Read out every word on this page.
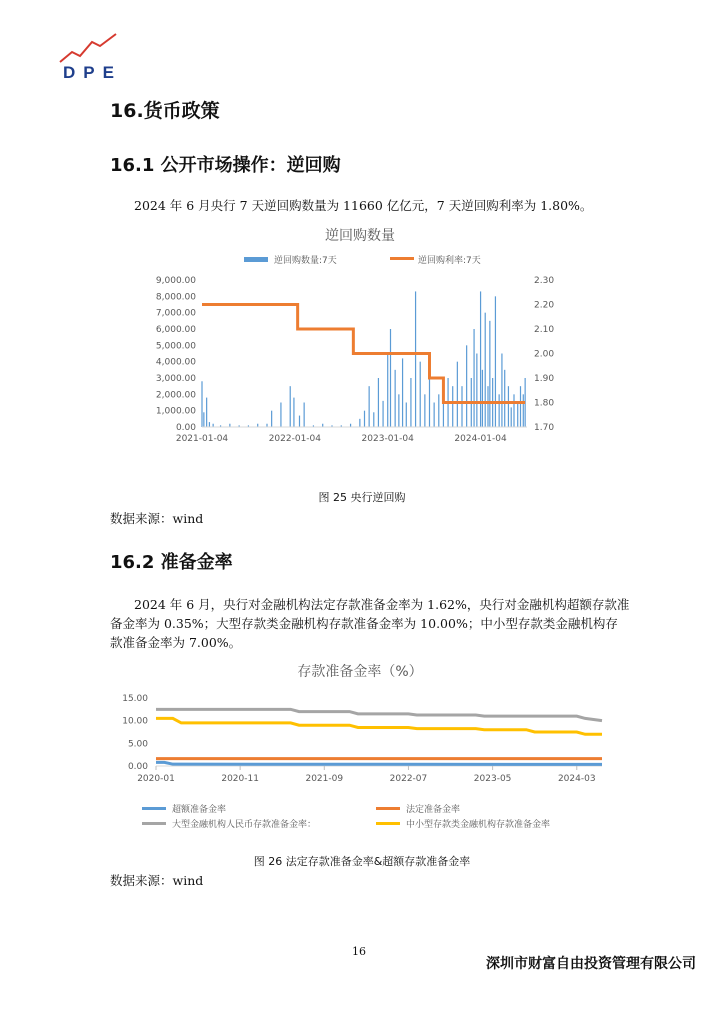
DPE
16.货币政策
16.1 公开市场操作：逆回购
2024 年 6 月央行 7 天逆回购数量为 11660 亿亿元，7 天逆回购利率为 1.80%。
逆回购数量
逆回购数量:7天	逆回购利率:7天
0.00
1,000.00
2,000.00
3,000.00
4,000.00
5,000.00
6,000.00
7,000.00
8,000.00
9,000.00
1.70
1.80
1.90
2.00
2.10
2.20
2.30
2021-01-04	2022-01-04	2023-01-04	2024-01-04
图 25 央行逆回购
数据来源：wind
16.2 准备金率
2024 年 6 月，央行对金融机构法定存款准备金率为 1.62%，央行对金融机构超额存款准备金率为 0.35%；大型存款类金融机构存款准备金率为 10.00%；中小型存款类金融机构存款准备金率为 7.00%。
存款准备金率（%）
0.00
5.00
10.00
15.00
2020-01	2020-11	2021-09	2022-07	2023-05	2024-03
超额准备金率	法定准备金率
大型金融机构人民币存款准备金率：	中小型存款类金融机构存款准备金率
图 26 法定存款准备金率&超额存款准备金率
数据来源：wind
16
深圳市财富自由投资管理有限公司
